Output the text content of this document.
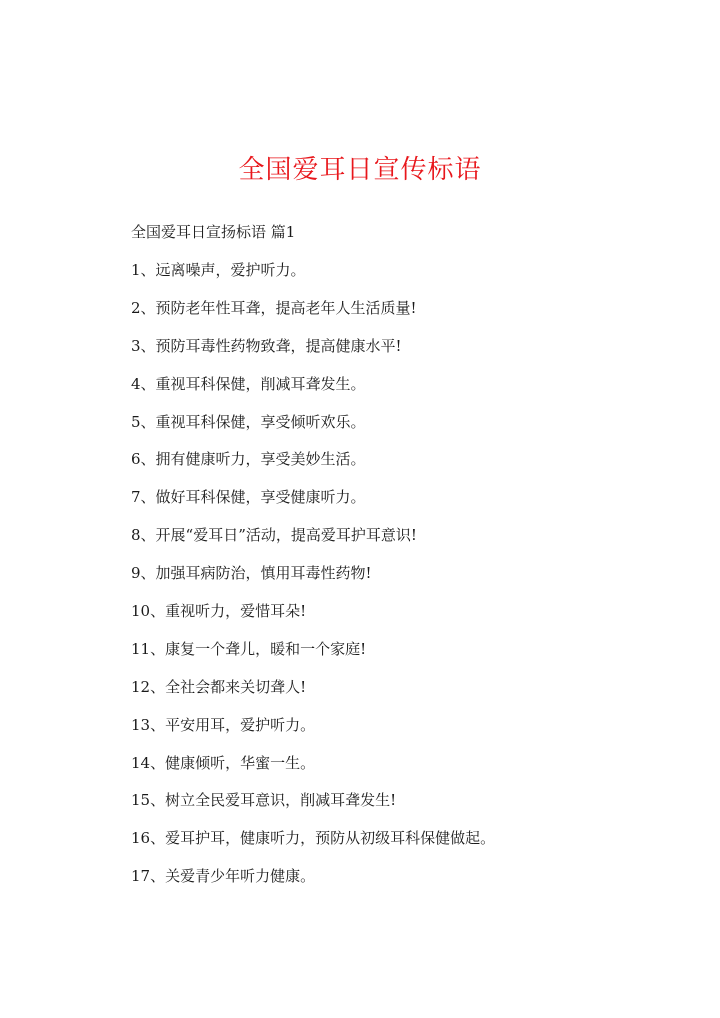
全国爱耳日宣传标语
全国爱耳日宣扬标语 篇1
1、远离噪声，爱护听力。
2、预防老年性耳聋，提高老年人生活质量!
3、预防耳毒性药物致聋，提高健康水平!
4、重视耳科保健，削减耳聋发生。
5、重视耳科保健，享受倾听欢乐。
6、拥有健康听力，享受美妙生活。
7、做好耳科保健，享受健康听力。
8、开展“爱耳日”活动，提高爱耳护耳意识!
9、加强耳病防治，慎用耳毒性药物!
10、重视听力，爱惜耳朵!
11、康复一个聋儿，暖和一个家庭!
12、全社会都来关切聋人!
13、平安用耳，爱护听力。
14、健康倾听，华蜜一生。
15、树立全民爱耳意识，削减耳聋发生!
16、爱耳护耳，健康听力，预防从初级耳科保健做起。
17、关爱青少年听力健康。
